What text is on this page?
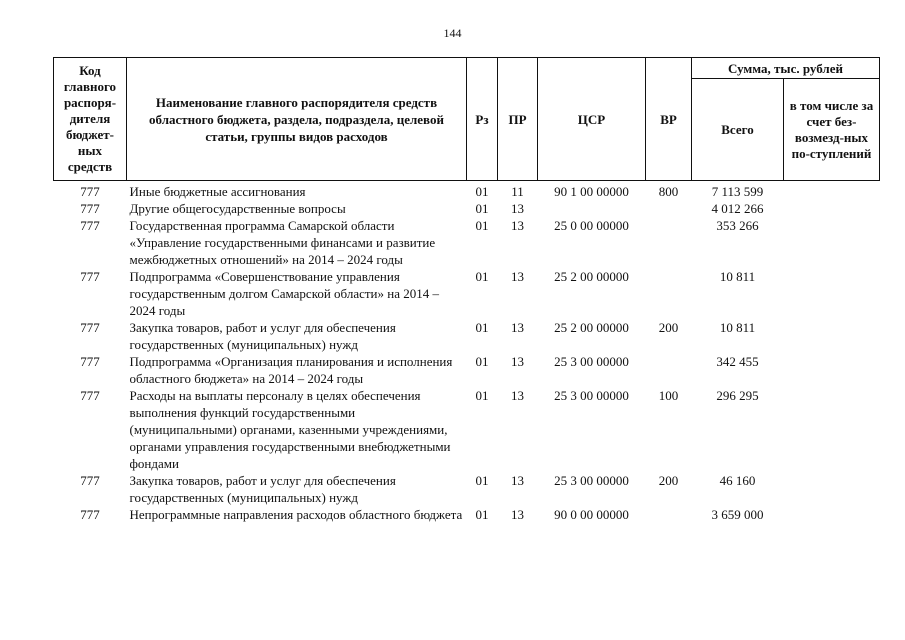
144
Код главного распоря-дителя бюджет-ных средств	Наименование главного распорядителя средств областного бюджета, раздела, подраздела, целевой статьи, группы видов расходов	Рз	ПР	ЦСР	ВР	Сумма, тыс. рублей	
						Всего	в том числе за счет без-возмезд-ных по-ступлений
777	Иные бюджетные ассигнования	01	11	90 1 00 00000	800	7 113 599	
777	Другие общегосударственные вопросы	01	13			4 012 266	
777	Государственная программа Самарской области «Управление государственными финансами и развитие межбюджетных отношений» на 2014 – 2024 годы	01	13	25 0 00 00000		353 266	
777	Подпрограмма «Совершенствование управления государственным долгом Самарской области» на 2014 – 2024 годы	01	13	25 2 00 00000		10 811	
777	Закупка товаров, работ и услуг для обеспечения государственных (муниципальных) нужд	01	13	25 2 00 00000	200	10 811	
777	Подпрограмма «Организация планирования и исполнения областного бюджета» на 2014 – 2024 годы	01	13	25 3 00 00000		342 455	
777	Расходы на выплаты персоналу в целях обеспечения выполнения функций государственными (муниципальными) органами, казенными учреждениями, органами управления государственными внебюджетными фондами	01	13	25 3 00 00000	100	296 295	
777	Закупка товаров, работ и услуг для обеспечения государственных (муниципальных) нужд	01	13	25 3 00 00000	200	46 160	
777	Непрограммные направления расходов областного бюджета	01	13	90 0 00 00000		3 659 000	
